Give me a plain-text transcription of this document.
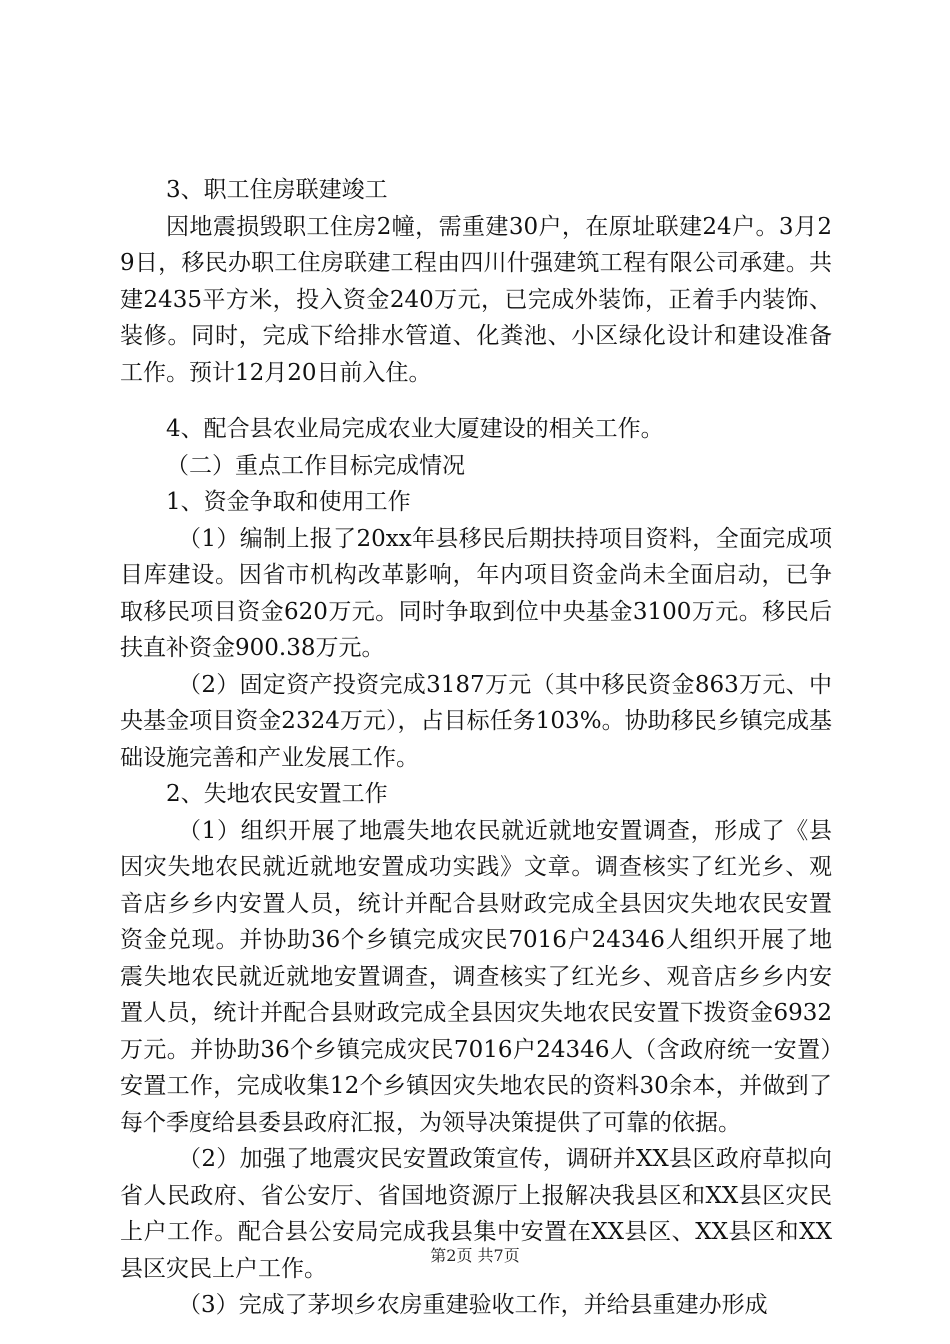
3、职工住房联建竣工

因地震损毁职工住房2幢，需重建30户，在原址联建24户。3月29日，移民办职工住房联建工程由四川什强建筑工程有限公司承建。共建2435平方米，投入资金240万元，已完成外装饰，正着手内装饰、装修。同时，完成下给排水管道、化粪池、小区绿化设计和建设准备工作。预计12月20日前入住。

4、配合县农业局完成农业大厦建设的相关工作。

（二）重点工作目标完成情况

1、资金争取和使用工作

（1）编制上报了20xx年县移民后期扶持项目资料，全面完成项目库建设。因省市机构改革影响，年内项目资金尚未全面启动，已争取移民项目资金620万元。同时争取到位中央基金3100万元。移民后扶直补资金900.38万元。

（2）固定资产投资完成3187万元（其中移民资金863万元、中央基金项目资金2324万元），占目标任务103%。协助移民乡镇完成基础设施完善和产业发展工作。

2、失地农民安置工作

（1）组织开展了地震失地农民就近就地安置调查，形成了《县因灾失地农民就近就地安置成功实践》文章。调查核实了红光乡、观音店乡乡内安置人员，统计并配合县财政完成全县因灾失地农民安置资金兑现。并协助36个乡镇完成灾民7016户24346人组织开展了地震失地农民就近就地安置调查，调查核实了红光乡、观音店乡乡内安置人员，统计并配合县财政完成全县因灾失地农民安置下拨资金6932万元。并协助36个乡镇完成灾民7016户24346人（含政府统一安置）安置工作，完成收集12个乡镇因灾失地农民的资料30余本，并做到了每个季度给县委县政府汇报，为领导决策提供了可靠的依据。

（2）加强了地震灾民安置政策宣传，调研并XX县区政府草拟向省人民政府、省公安厅、省国地资源厅上报解决我县区和XX县区灾民上户工作。配合县公安局完成我县集中安置在XX县区、XX县区和XX县区灾民上户工作。

（3）完成了茅坝乡农房重建验收工作，并给县重建办形成

第2页 共7页
